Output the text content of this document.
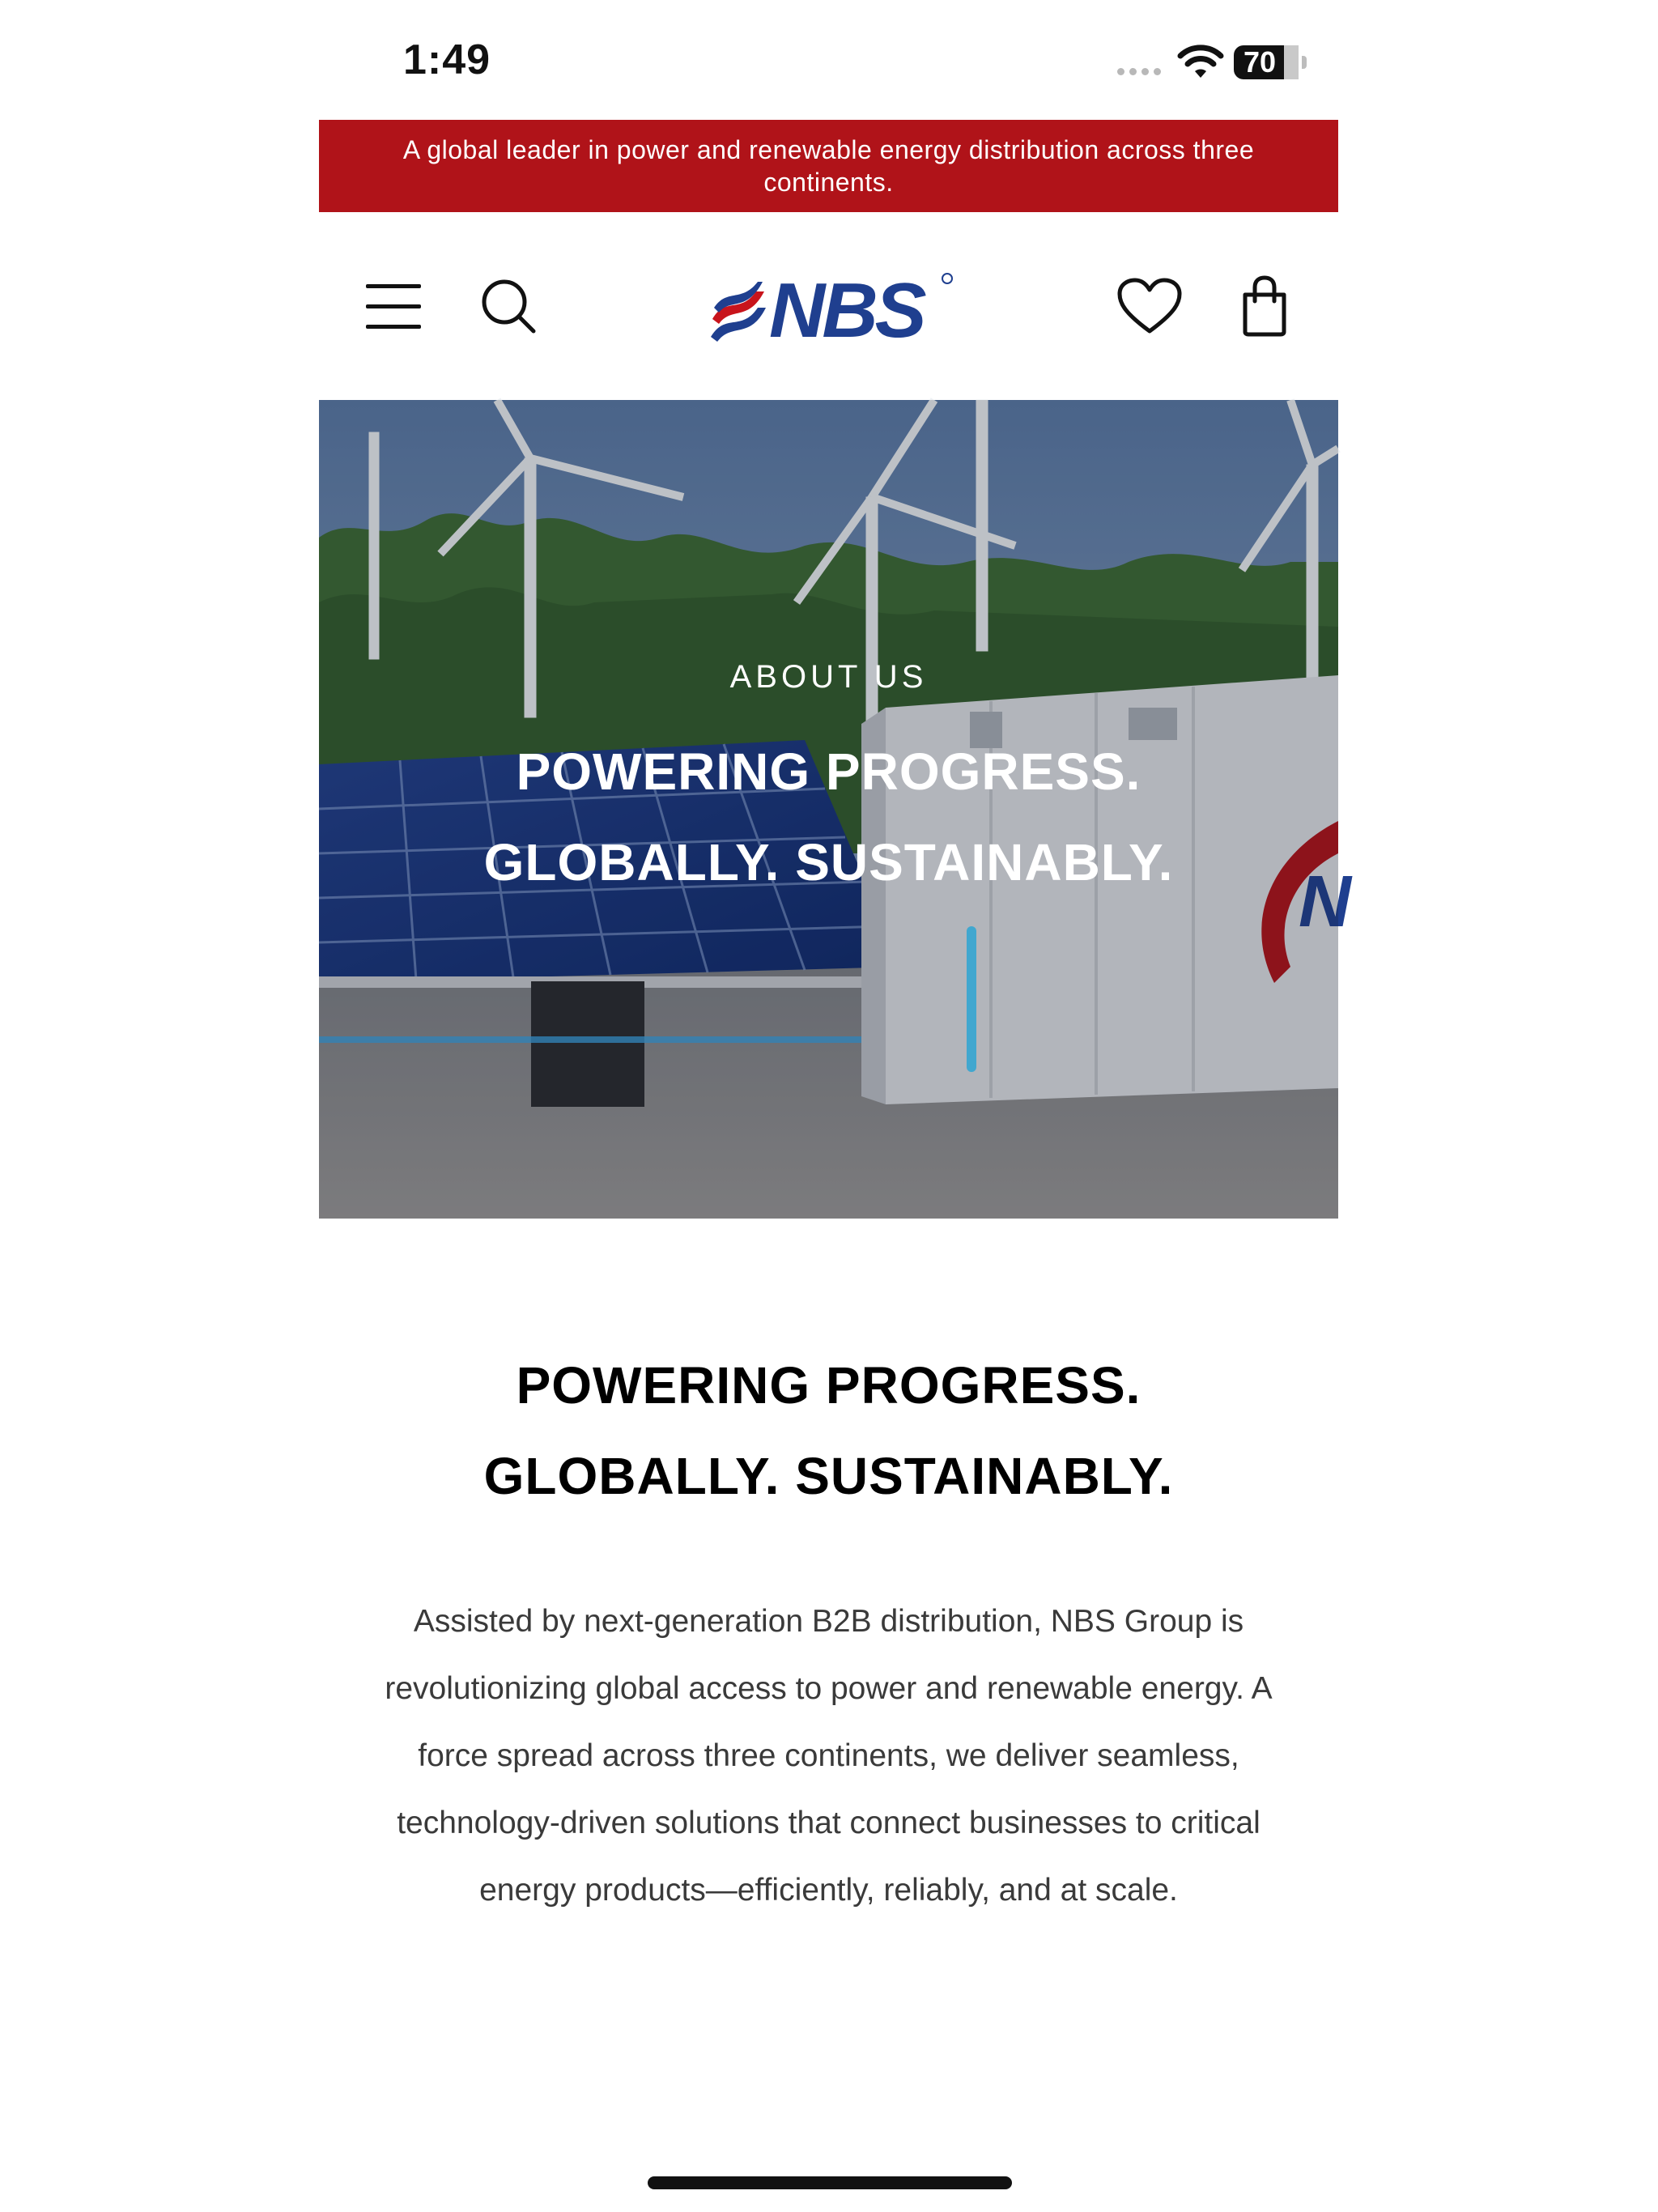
1:49	70
A global leader in power and renewable energy distribution across three continents.
NBS
N
ABOUT US
POWERING PROGRESS.
GLOBALLY. SUSTAINABLY.
POWERING PROGRESS.
GLOBALLY. SUSTAINABLY.

Assisted by next-generation B2B distribution, NBS Group is revolutionizing global access to power and renewable energy. A force spread across three continents, we deliver seamless, technology-driven solutions that connect businesses to critical energy products—efficiently, reliably, and at scale.
